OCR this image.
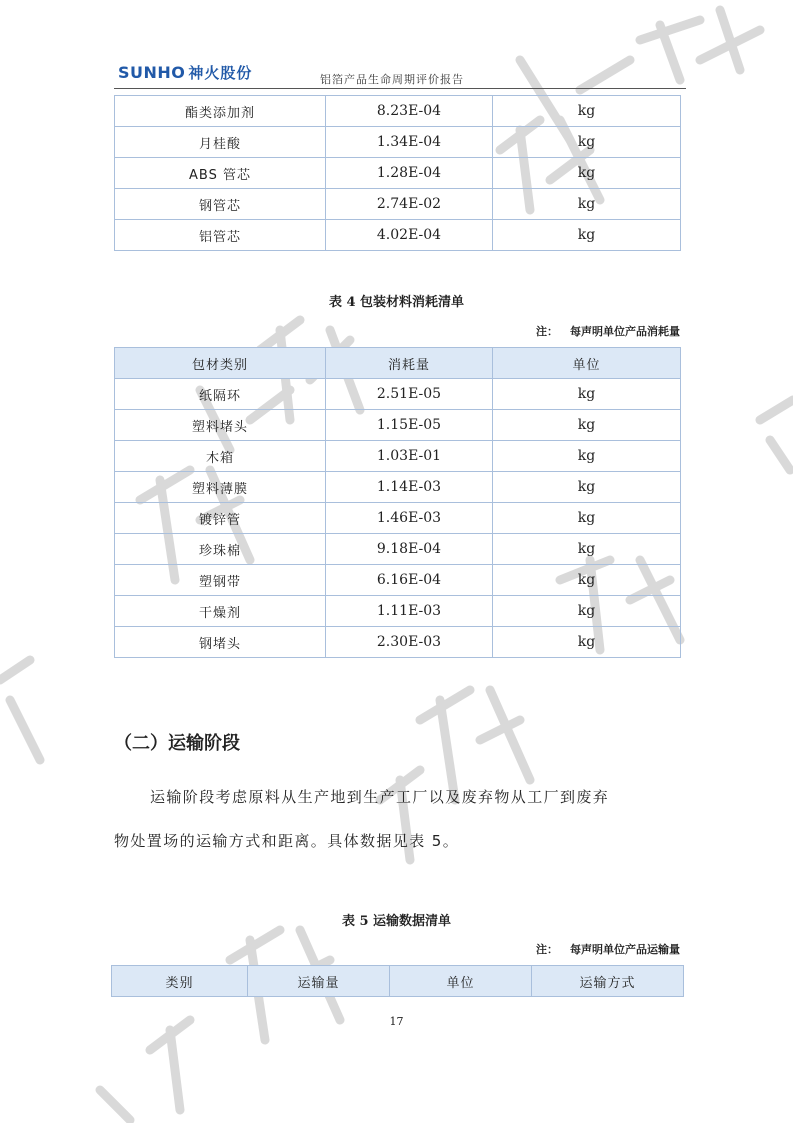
SUNHO 神火股份	铝箔产品生命周期评价报告
酯类添加剂	8.23E-04	kg
月桂酸	1.34E-04	kg
ABS 管芯	1.28E-04	kg
钢管芯	2.74E-02	kg
铝管芯	4.02E-04	kg
表 4 包装材料消耗清单
注： 每声明单位产品消耗量
包材类别	消耗量	单位
纸隔环	2.51E-05	kg
塑料堵头	1.15E-05	kg
木箱	1.03E-01	kg
塑料薄膜	1.14E-03	kg
镀锌管	1.46E-03	kg
珍珠棉	9.18E-04	kg
塑钢带	6.16E-04	kg
干燥剂	1.11E-03	kg
钢堵头	2.30E-03	kg
（二）运输阶段
运输阶段考虑原料从生产地到生产工厂以及废弃物从工厂到废弃
物处置场的运输方式和距离。具体数据见表 5。
表 5 运输数据清单
注： 每声明单位产品运输量
类别	运输量	单位	运输方式
17
